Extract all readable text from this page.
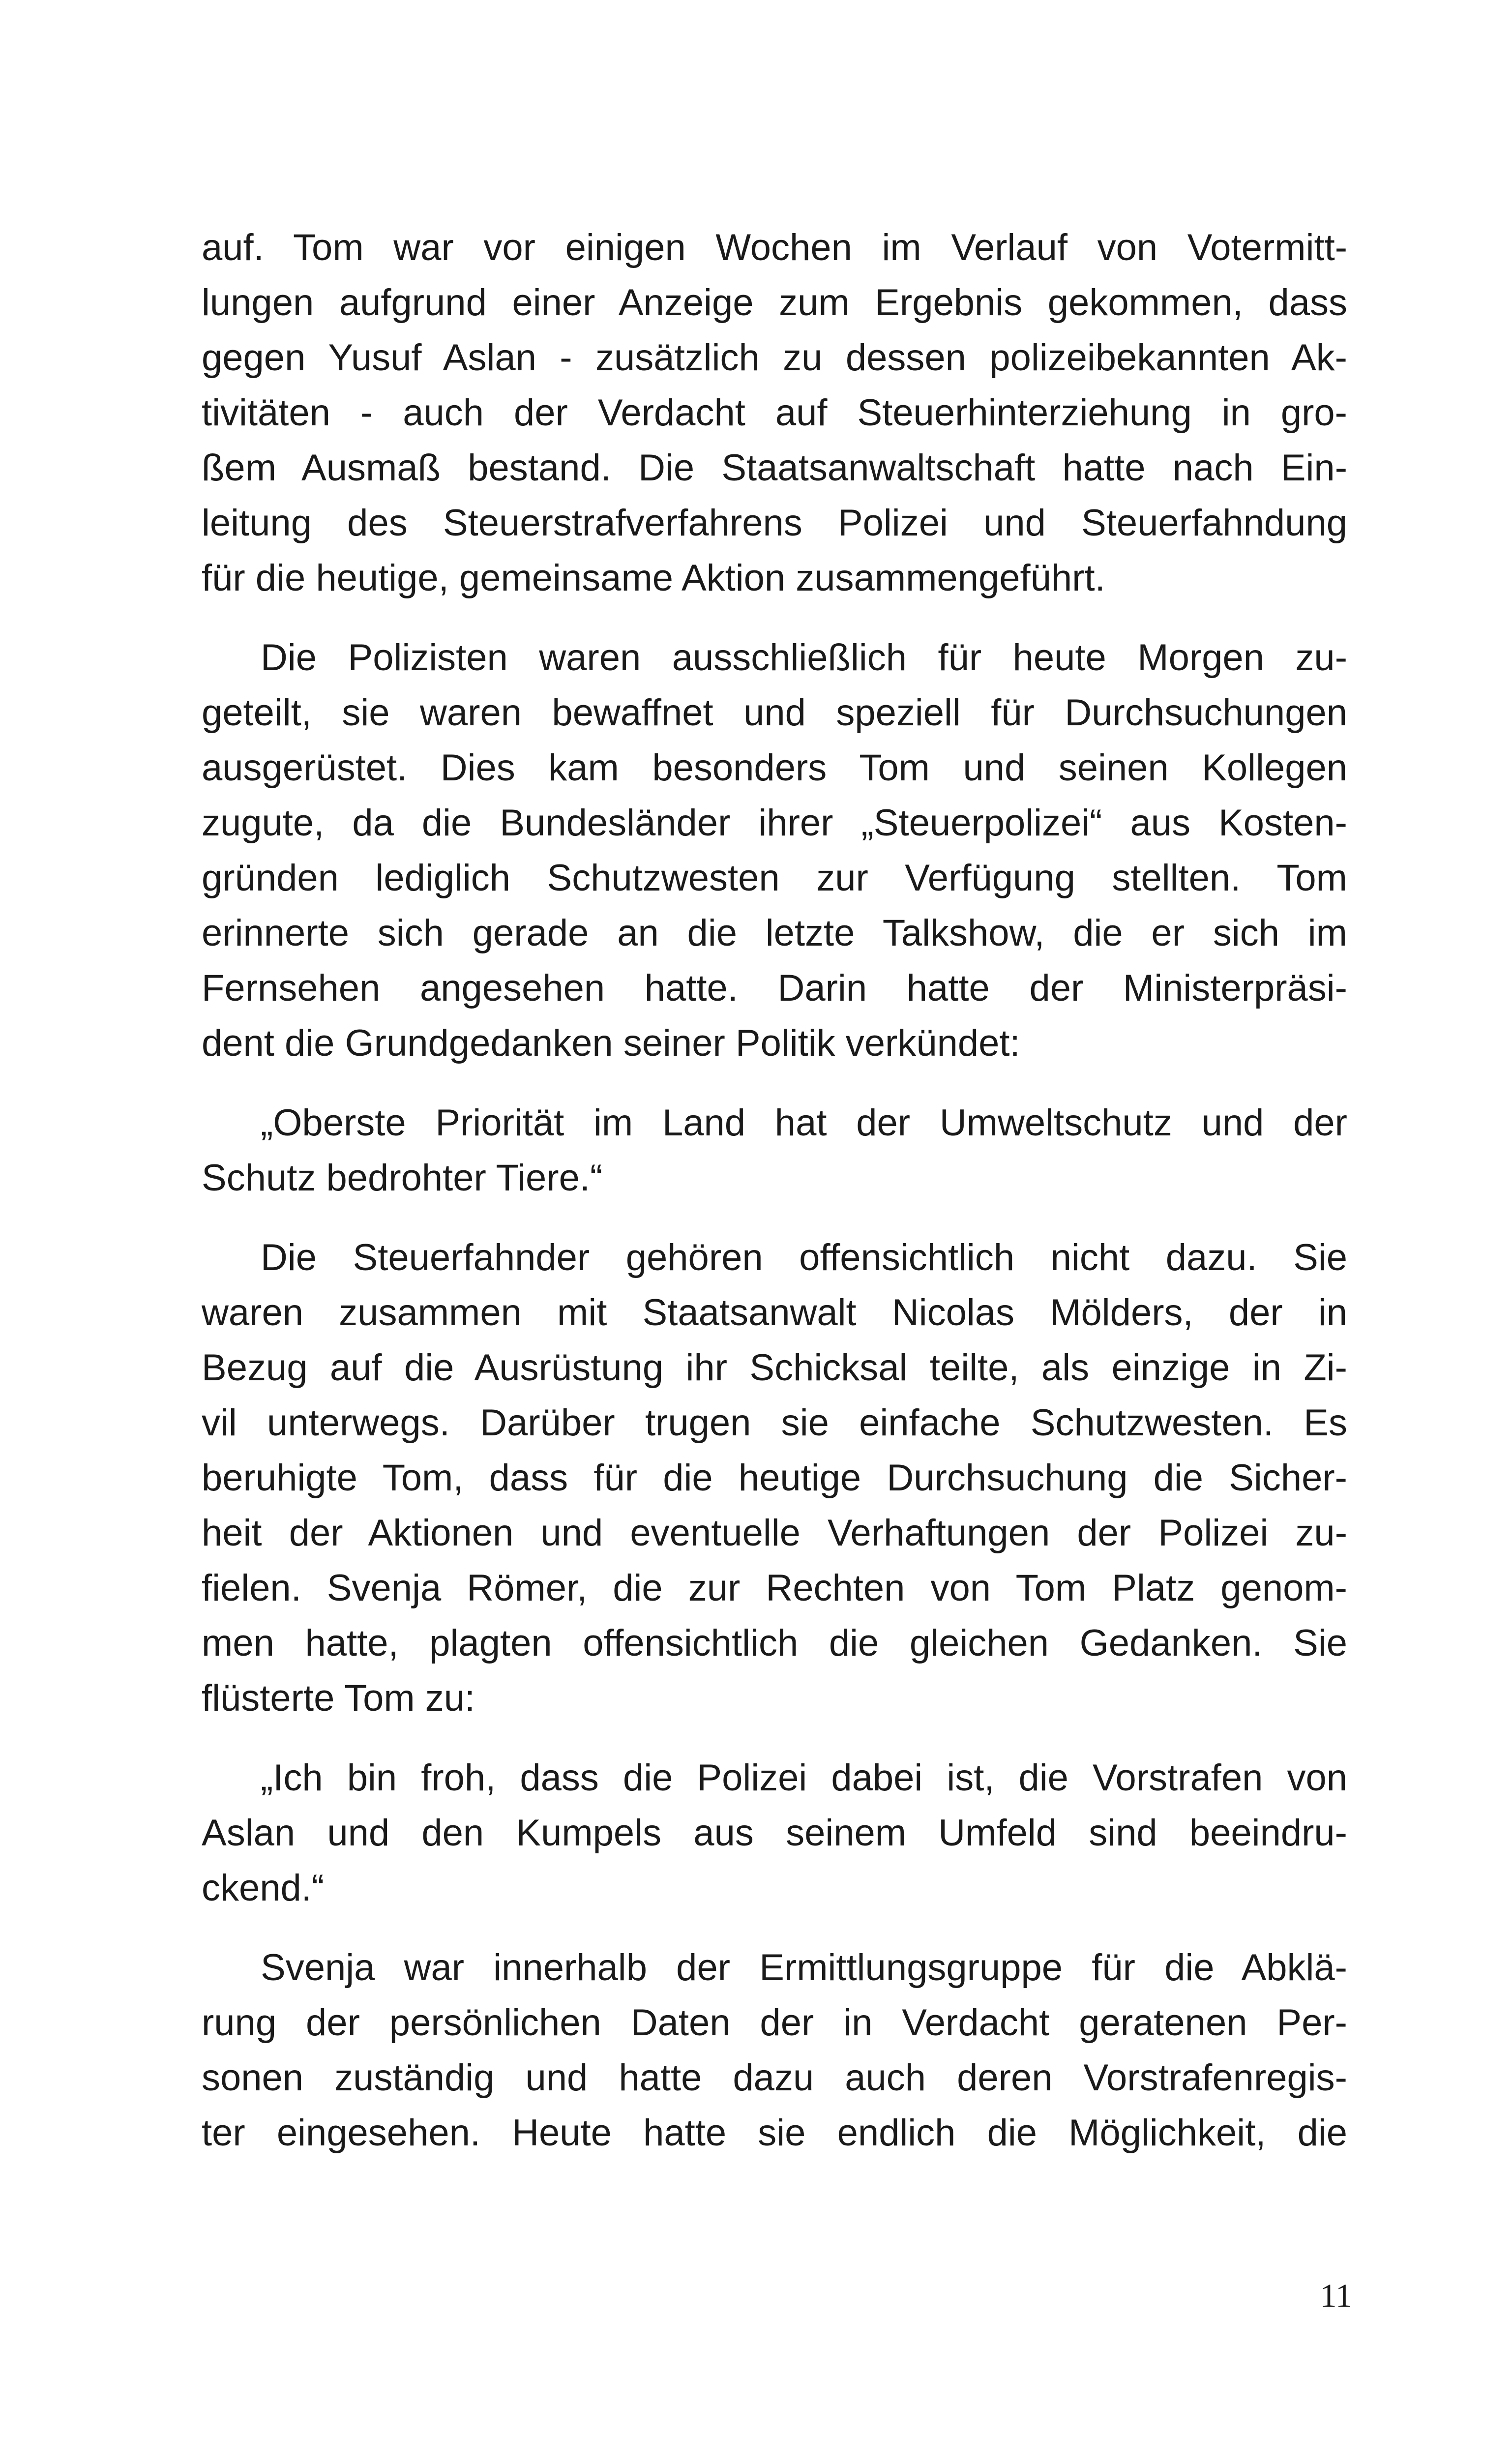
auf. Tom war vor einigen Wochen im Verlauf von Votermitt-
lungen aufgrund einer Anzeige zum Ergebnis gekommen, dass
gegen Yusuf Aslan - zusätzlich zu dessen polizeibekannten Ak-
tivitäten - auch der Verdacht auf Steuerhinterziehung in gro-
ßem Ausmaß bestand. Die Staatsanwaltschaft hatte nach Ein-
leitung des Steuerstrafverfahrens Polizei und Steuerfahndung
für die heutige, gemeinsame Aktion zusammengeführt.
Die Polizisten waren ausschließlich für heute Morgen zu-
geteilt, sie waren bewaffnet und speziell für Durchsuchungen
ausgerüstet. Dies kam besonders Tom und seinen Kollegen
zugute, da die Bundesländer ihrer „Steuerpolizei“ aus Kosten-
gründen lediglich Schutzwesten zur Verfügung stellten. Tom
erinnerte sich gerade an die letzte Talkshow, die er sich im
Fernsehen angesehen hatte. Darin hatte der Ministerpräsi-
dent die Grundgedanken seiner Politik verkündet:
„Oberste Priorität im Land hat der Umweltschutz und der
Schutz bedrohter Tiere.“
Die Steuerfahnder gehören offensichtlich nicht dazu. Sie
waren zusammen mit Staatsanwalt Nicolas Mölders, der in
Bezug auf die Ausrüstung ihr Schicksal teilte, als einzige in Zi-
vil unterwegs. Darüber trugen sie einfache Schutzwesten. Es
beruhigte Tom, dass für die heutige Durchsuchung die Sicher-
heit der Aktionen und eventuelle Verhaftungen der Polizei zu-
fielen. Svenja Römer, die zur Rechten von Tom Platz genom-
men hatte, plagten offensichtlich die gleichen Gedanken. Sie
flüsterte Tom zu:
„Ich bin froh, dass die Polizei dabei ist, die Vorstrafen von
Aslan und den Kumpels aus seinem Umfeld sind beeindru-
ckend.“
Svenja war innerhalb der Ermittlungsgruppe für die Abklä-
rung der persönlichen Daten der in Verdacht geratenen Per-
sonen zuständig und hatte dazu auch deren Vorstrafenregis-
ter eingesehen. Heute hatte sie endlich die Möglichkeit, die
11
